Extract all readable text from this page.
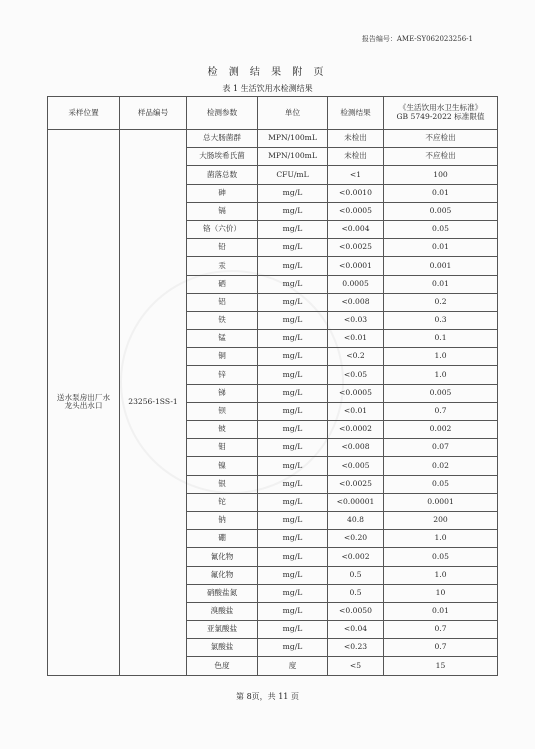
报告编号：AME-SY062023256-1
检 测 结 果 附 页
表 1 生活饮用水检测结果
采样位置	样品编号	检测参数	单位	检测结果	《生活饮用水卫生标准》
GB 5749-2022 标准限值

送水泵房出厂水龙头出水口	23256-1SS-1	总大肠菌群	MPN/100mL	未检出	不应检出
		大肠埃希氏菌	MPN/100mL	未检出	不应检出
		菌落总数	CFU/mL	<1	100
		砷	mg/L	<0.0010	0.01
		镉	mg/L	<0.0005	0.005
		铬（六价）	mg/L	<0.004	0.05
		铅	mg/L	<0.0025	0.01
		汞	mg/L	<0.0001	0.001
		硒	mg/L	0.0005	0.01
		铝	mg/L	<0.008	0.2
		铁	mg/L	<0.03	0.3
		锰	mg/L	<0.01	0.1
		铜	mg/L	<0.2	1.0
		锌	mg/L	<0.05	1.0
		锑	mg/L	<0.0005	0.005
		钡	mg/L	<0.01	0.7
		铍	mg/L	<0.0002	0.002
		钼	mg/L	<0.008	0.07
		镍	mg/L	<0.005	0.02
		银	mg/L	<0.0025	0.05
		铊	mg/L	<0.00001	0.0001
		钠	mg/L	40.8	200
		硼	mg/L	<0.20	1.0
		氰化物	mg/L	<0.002	0.05
		氟化物	mg/L	0.5	1.0
		硝酸盐氮	mg/L	0.5	10
		溴酸盐	mg/L	<0.0050	0.01
		亚氯酸盐	mg/L	<0.04	0.7
		氯酸盐	mg/L	<0.23	0.7
		色度	度	<5	15
第 8页，共 11 页
